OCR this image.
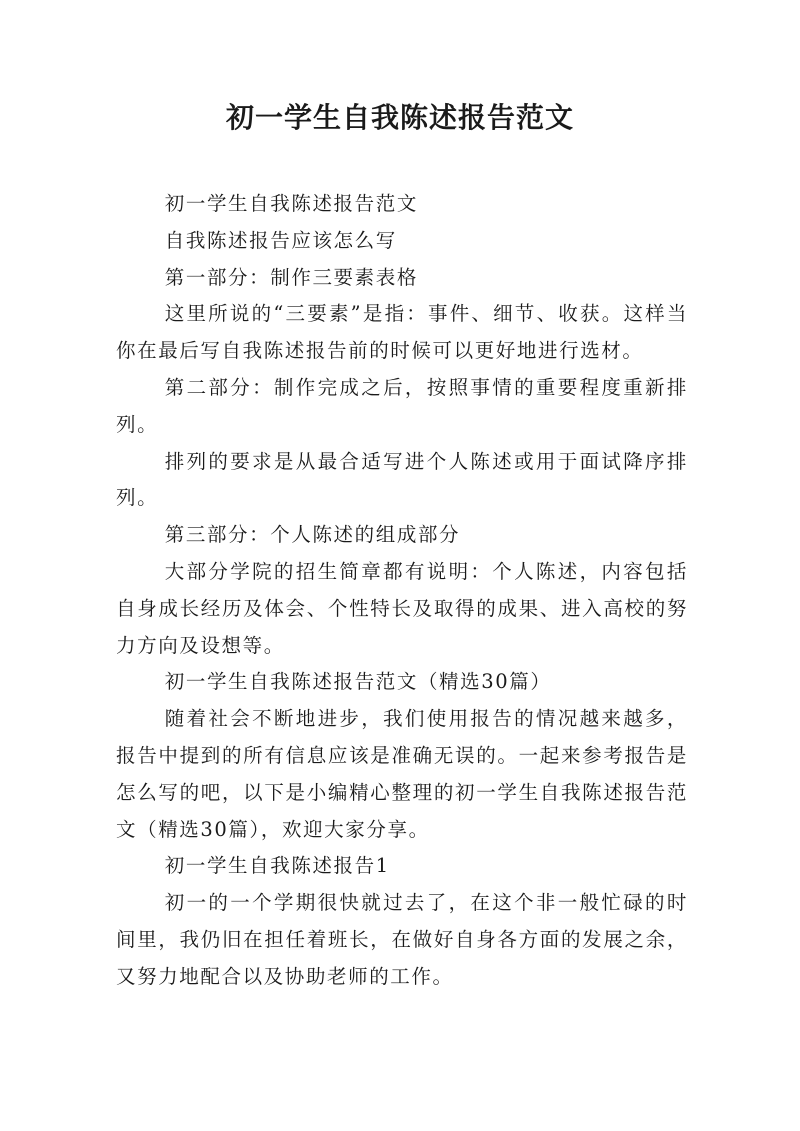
初一学生自我陈述报告范文

初一学生自我陈述报告范文

自我陈述报告应该怎么写

第一部分：制作三要素表格

这里所说的“三要素”是指：事件、细节、收获。这样当你在最后写自我陈述报告前的时候可以更好地进行选材。

第二部分：制作完成之后，按照事情的重要程度重新排列。

排列的要求是从最合适写进个人陈述或用于面试降序排列。

第三部分：个人陈述的组成部分

大部分学院的招生简章都有说明：个人陈述，内容包括自身成长经历及体会、个性特长及取得的成果、进入高校的努力方向及设想等。

初一学生自我陈述报告范文（精选30篇）

随着社会不断地进步，我们使用报告的情况越来越多，报告中提到的所有信息应该是准确无误的。一起来参考报告是怎么写的吧，以下是小编精心整理的初一学生自我陈述报告范文（精选30篇），欢迎大家分享。

初一学生自我陈述报告1

初一的一个学期很快就过去了，在这个非一般忙碌的时间里，我仍旧在担任着班长，在做好自身各方面的发展之余，又努力地配合以及协助老师的工作。
